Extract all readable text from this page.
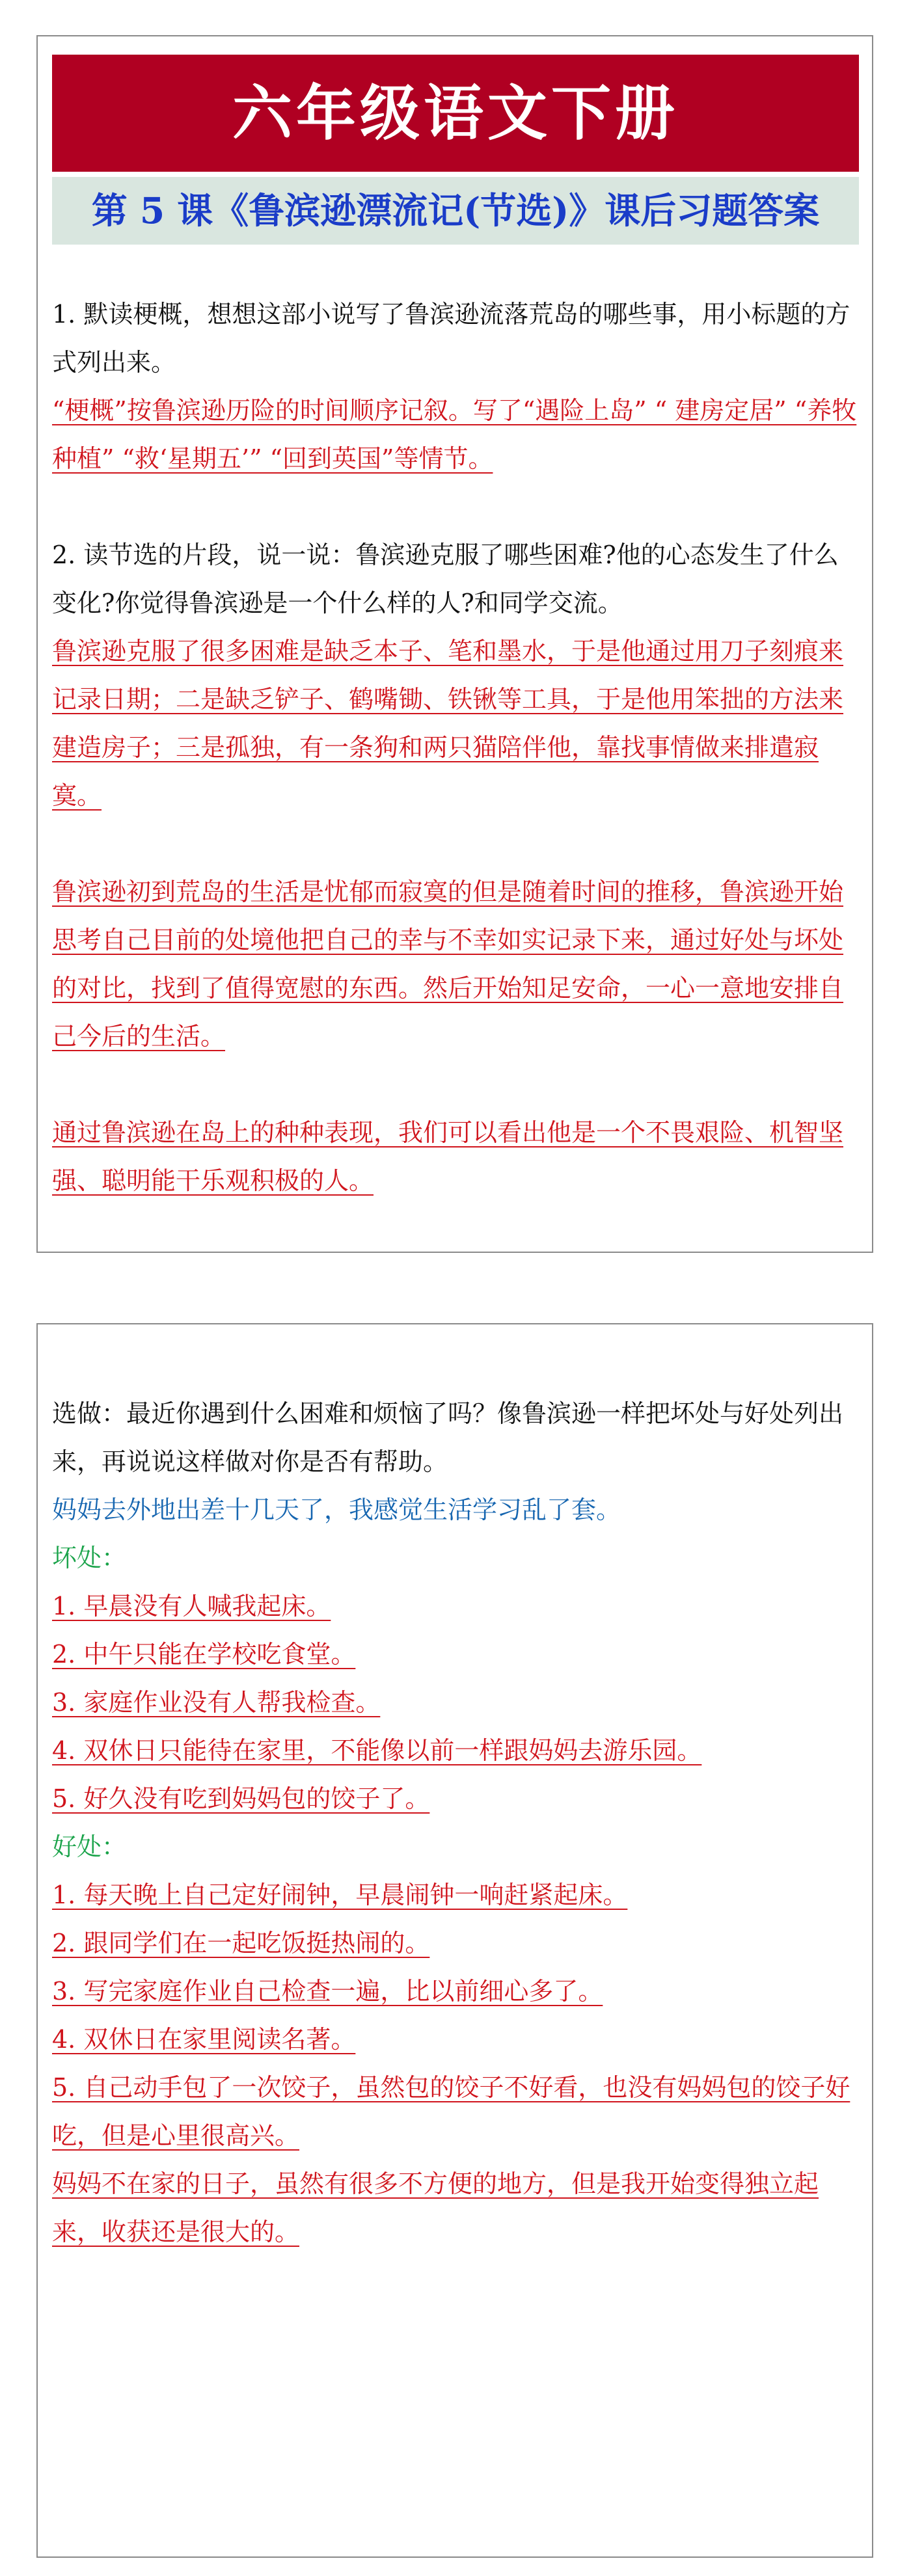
六年级语文下册
第 5 课《鲁滨逊漂流记(节选)》课后习题答案

1. 默读梗概，想想这部小说写了鲁滨逊流落荒岛的哪些事，用小标题的方式列出来。

“梗概”按鲁滨逊历险的时间顺序记叙。写了“遇险上岛” “ 建房定居” “养牧种植” “救‘星期五’” “回到英国”等情节。

2. 读节选的片段，说一说：鲁滨逊克服了哪些困难?他的心态发生了什么变化?你觉得鲁滨逊是一个什么样的人?和同学交流。

鲁滨逊克服了很多困难是缺乏本子、笔和墨水，于是他通过用刀子刻痕来记录日期；二是缺乏铲子、鹤嘴锄、铁锹等工具，于是他用笨拙的方法来建造房子；三是孤独，有一条狗和两只猫陪伴他，靠找事情做来排遣寂寞。

鲁滨逊初到荒岛的生活是忧郁而寂寞的但是随着时间的推移，鲁滨逊开始思考自己目前的处境他把自己的幸与不幸如实记录下来，通过好处与坏处的对比，找到了值得宽慰的东西。然后开始知足安命，一心一意地安排自己今后的生活。

通过鲁滨逊在岛上的种种表现，我们可以看出他是一个不畏艰险、机智坚强、聪明能干乐观积极的人。

选做：最近你遇到什么困难和烦恼了吗？像鲁滨逊一样把坏处与好处列出来，再说说这样做对你是否有帮助。

妈妈去外地出差十几天了，我感觉生活学习乱了套。

坏处：

1. 早晨没有人喊我起床。

2. 中午只能在学校吃食堂。

3. 家庭作业没有人帮我检查。

4. 双休日只能待在家里，不能像以前一样跟妈妈去游乐园。

5. 好久没有吃到妈妈包的饺子了。

好处：

1. 每天晚上自己定好闹钟，早晨闹钟一响赶紧起床。

2. 跟同学们在一起吃饭挺热闹的。

3. 写完家庭作业自己检查一遍，比以前细心多了。

4. 双休日在家里阅读名著。

5. 自己动手包了一次饺子，虽然包的饺子不好看，也没有妈妈包的饺子好吃，但是心里很高兴。

妈妈不在家的日子，虽然有很多不方便的地方，但是我开始变得独立起来，收获还是很大的。
